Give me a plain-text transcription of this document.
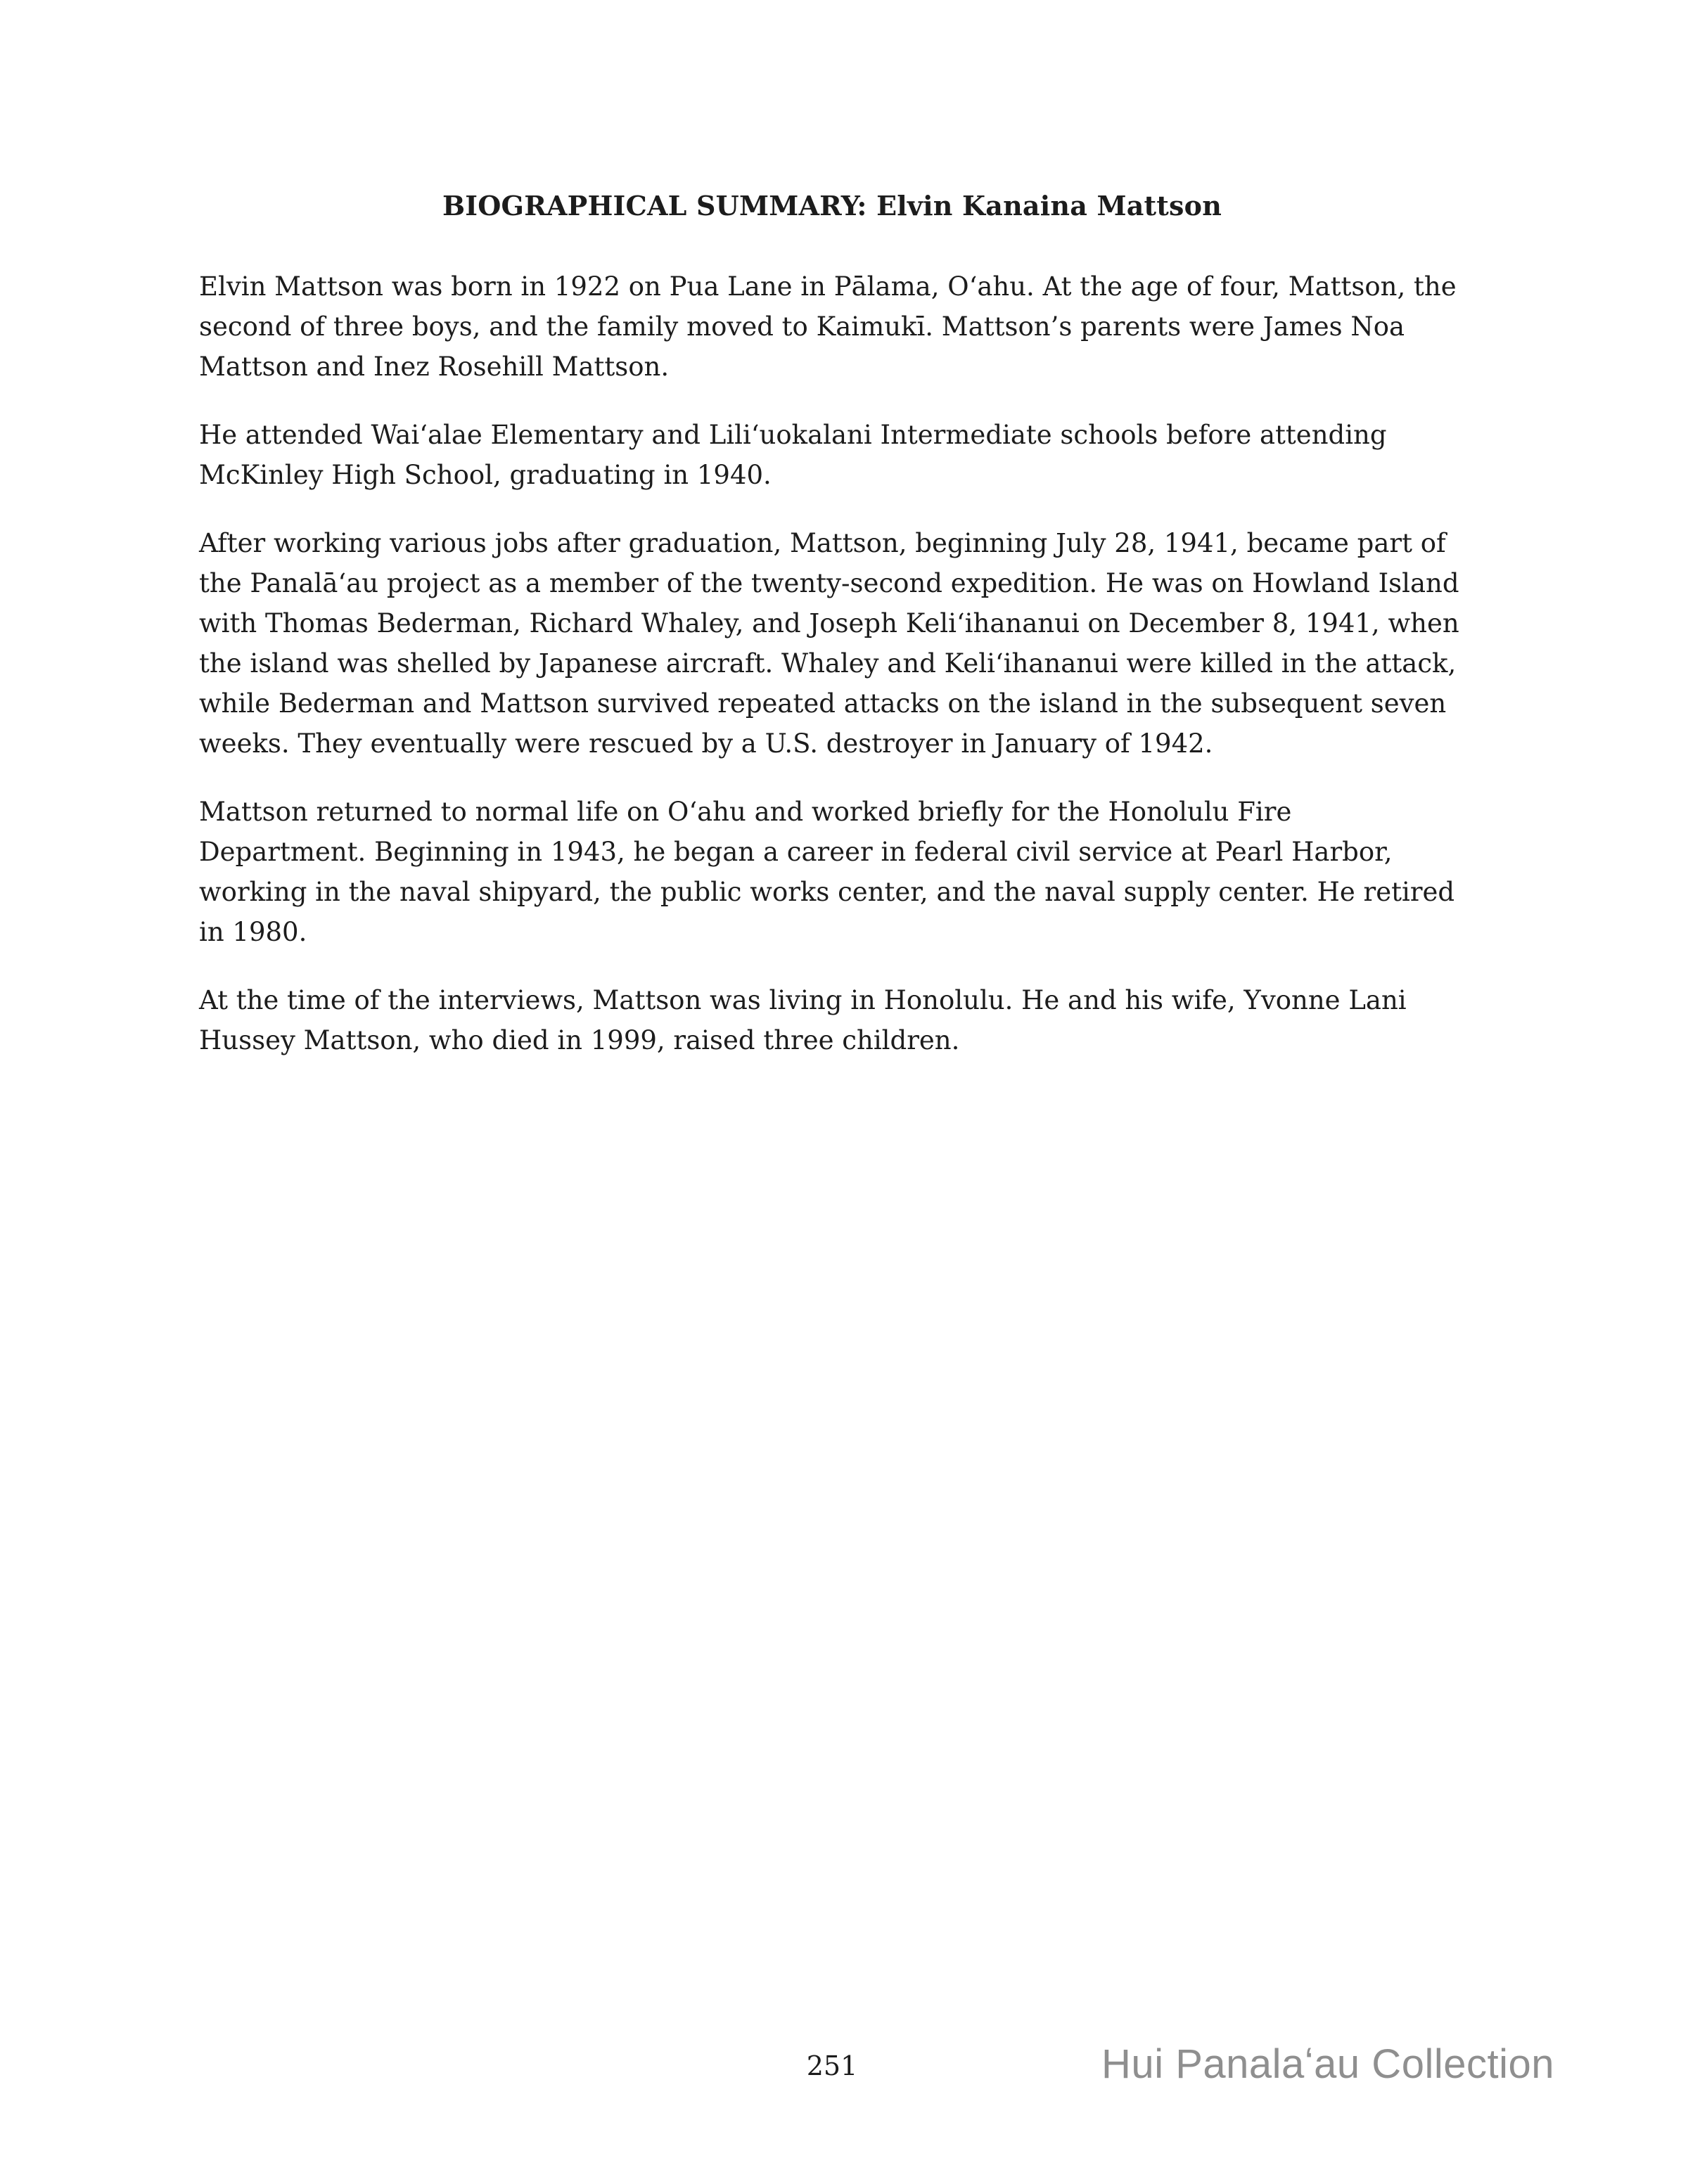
BIOGRAPHICAL SUMMARY: Elvin Kanaina Mattson

Elvin Mattson was born in 1922 on Pua Lane in Pālama, Oʻahu. At the age of four, Mattson, the second of three boys, and the family moved to Kaimukī. Mattson’s parents were James Noa Mattson and Inez Rosehill Mattson.

He attended Waiʻalae Elementary and Liliʻuokalani Intermediate schools before attending McKinley High School, graduating in 1940.

After working various jobs after graduation, Mattson, beginning July 28, 1941, became part of the Panalāʻau project as a member of the twenty-second expedition. He was on Howland Island with Thomas Bederman, Richard Whaley, and Joseph Keliʻihananui on December 8, 1941, when the island was shelled by Japanese aircraft. Whaley and Keliʻihananui were killed in the attack, while Bederman and Mattson survived repeated attacks on the island in the subsequent seven weeks. They eventually were rescued by a U.S. destroyer in January of 1942.

Mattson returned to normal life on Oʻahu and worked briefly for the Honolulu Fire Department. Beginning in 1943, he began a career in federal civil service at Pearl Harbor, working in the naval shipyard, the public works center, and the naval supply center. He retired in 1980.

At the time of the interviews, Mattson was living in Honolulu. He and his wife, Yvonne Lani Hussey Mattson, who died in 1999, raised three children.

251	Hui Panalaʻau Collection
